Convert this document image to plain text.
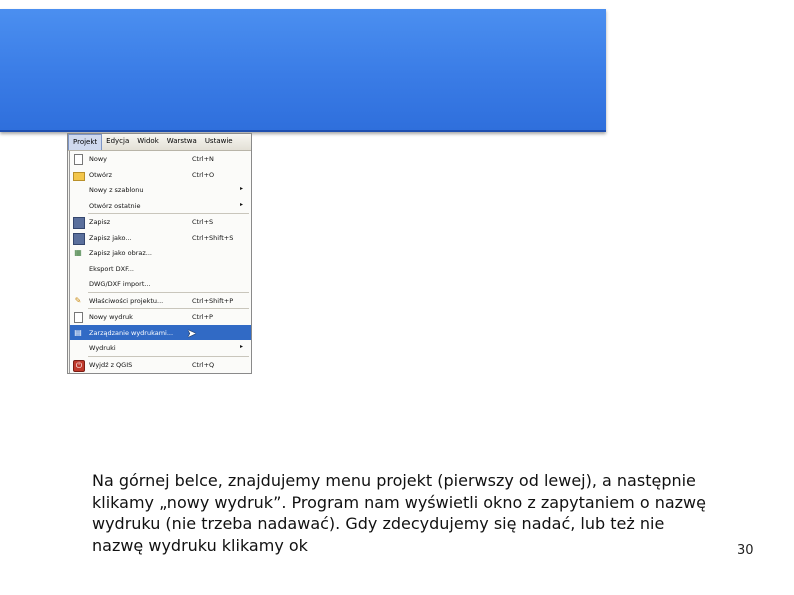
Projekt	Edycja	Widok	Warstwa	Ustawie
Nowy	Ctrl+N
Otwórz	Ctrl+O
Nowy z szablonu	▸
Otwórz ostatnie	▸
Zapisz	Ctrl+S
Zapisz jako...	Ctrl+Shift+S
▦ Zapisz jako obraz...
Eksport DXF...
DWG/DXF import...
✎ Właściwości projektu...	Ctrl+Shift+P
Nowy wydruk	Ctrl+P
▤ Zarządzanie wydrukami...
Wydruki	▸
⏻	Wyjdź z QGIS	Ctrl+Q
➤
Na górnej belce, znajdujemy menu projekt (pierwszy od lewej), a następnie klikamy „nowy wydruk”. Program nam wyświetli okno z zapytaniem o nazwę wydruku (nie trzeba nadawać). Gdy zdecydujemy się nadać, lub też nie nazwę wydruku klikamy ok	30
